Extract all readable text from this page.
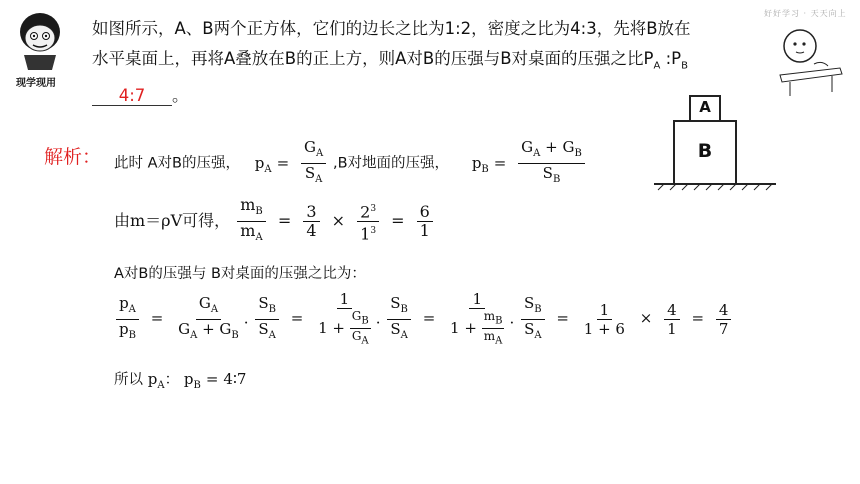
现学现用
好好学习 · 天天向上
如图所示，A、B两个正方体，它们的边长之比为1:2，密度之比为4:3，先将B放在水平桌面上，再将A叠放在B的正上方，则A对B的压强与B对桌面的压强之比$P_A$ $:P_B4:7$ 。
A
B
解析： 此时 A对B的压强， $p_A = \frac{G_A}{S_A} ,B$对地面的压强， $p_B = \frac{G_A + G_B}{S_B}$
由m＝ρV可得， $\frac{m_B}{m_A} = \frac{3}{4} \times \frac{2^3}{1^3} = \frac{6}{1}$
A对B的压强与 B对桌面的压强之比为：
$\frac{p_A}{p_B} = \frac{G_A}{G_A + G_B}$ . $\frac{S_B}{S_A} = \frac{1}{1 + \frac{G_B}{G_A}}$ . $\frac{S_B}{S_A} = \frac{1}{1 + \frac{m_B}{m_A}}$ . $\frac{S_B}{S_A} = \frac{1}{1 + 6} \times \frac{4}{1} = \frac{4}{7}$
所以 $p_A$： $p_B$ = 4∶7
